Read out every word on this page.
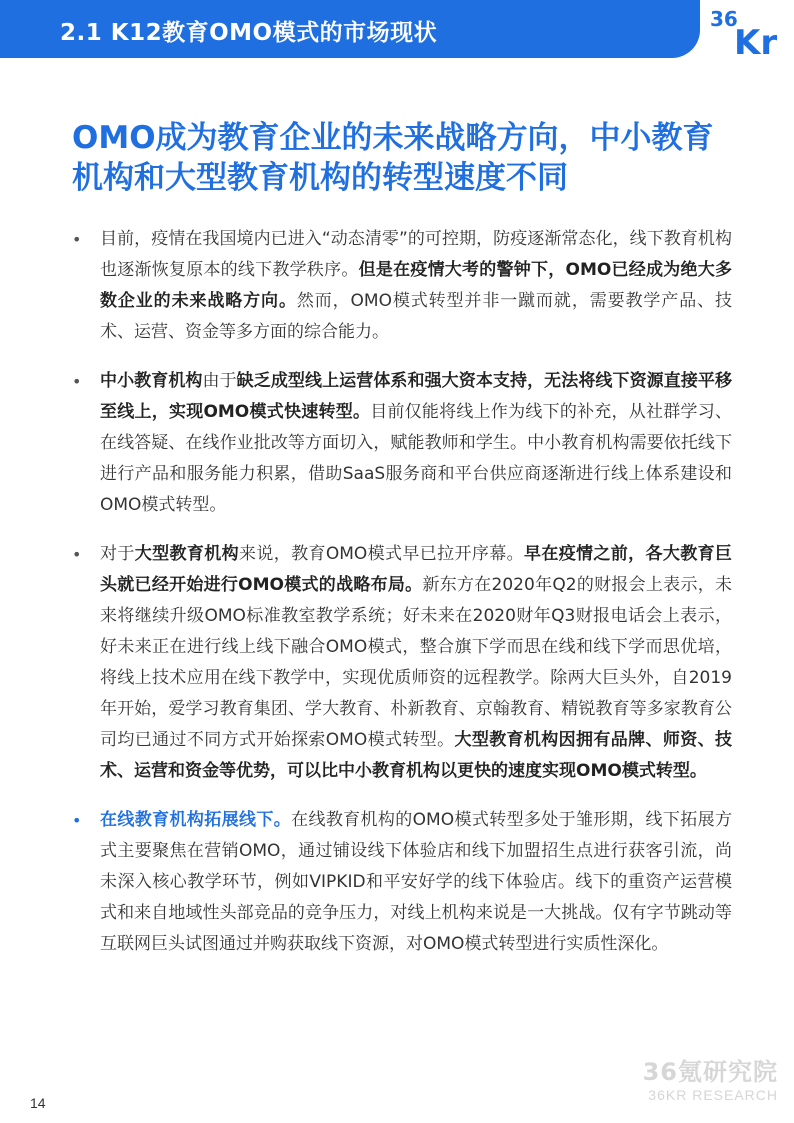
2.1 K12教育OMO模式的市场现状
36
Kr
OMO成为教育企业的未来战略方向，中小教育机构和大型教育机构的转型速度不同
•	目前，疫情在我国境内已进入“动态清零”的可控期，防疫逐渐常态化，线下教育机构也逐渐恢复原本的线下教学秩序。但是在疫情大考的警钟下，OMO已经成为绝大多数企业的未来战略方向。然而，OMO模式转型并非一蹴而就，需要教学产品、技术、运营、资金等多方面的综合能力。

•	中小教育机构由于缺乏成型线上运营体系和强大资本支持，无法将线下资源直接平移至线上，实现OMO模式快速转型。目前仅能将线上作为线下的补充，从社群学习、在线答疑、在线作业批改等方面切入，赋能教师和学生。中小教育机构需要依托线下进行产品和服务能力积累，借助SaaS服务商和平台供应商逐渐进行线上体系建设和OMO模式转型。

•	对于大型教育机构来说，教育OMO模式早已拉开序幕。早在疫情之前，各大教育巨头就已经开始进行OMO模式的战略布局。新东方在2020年Q2的财报会上表示，未来将继续升级OMO标准教室教学系统；好未来在2020财年Q3财报电话会上表示，好未来正在进行线上线下融合OMO模式，整合旗下学而思在线和线下学而思优培，将线上技术应用在线下教学中，实现优质师资的远程教学。除两大巨头外，自2019年开始，爱学习教育集团、学大教育、朴新教育、京翰教育、精锐教育等多家教育公司均已通过不同方式开始探索OMO模式转型。大型教育机构因拥有品牌、师资、技术、运营和资金等优势，可以比中小教育机构以更快的速度实现OMO模式转型。

•	在线教育机构拓展线下。在线教育机构的OMO模式转型多处于雏形期，线下拓展方式主要聚焦在营销OMO，通过铺设线下体验店和线下加盟招生点进行获客引流，尚未深入核心教学环节，例如VIPKID和平安好学的线下体验店。线下的重资产运营模式和来自地域性头部竞品的竞争压力，对线上机构来说是一大挑战。仅有字节跳动等互联网巨头试图通过并购获取线下资源，对OMO模式转型进行实质性深化。

36氪研究院
36KR RESEARCH
14
